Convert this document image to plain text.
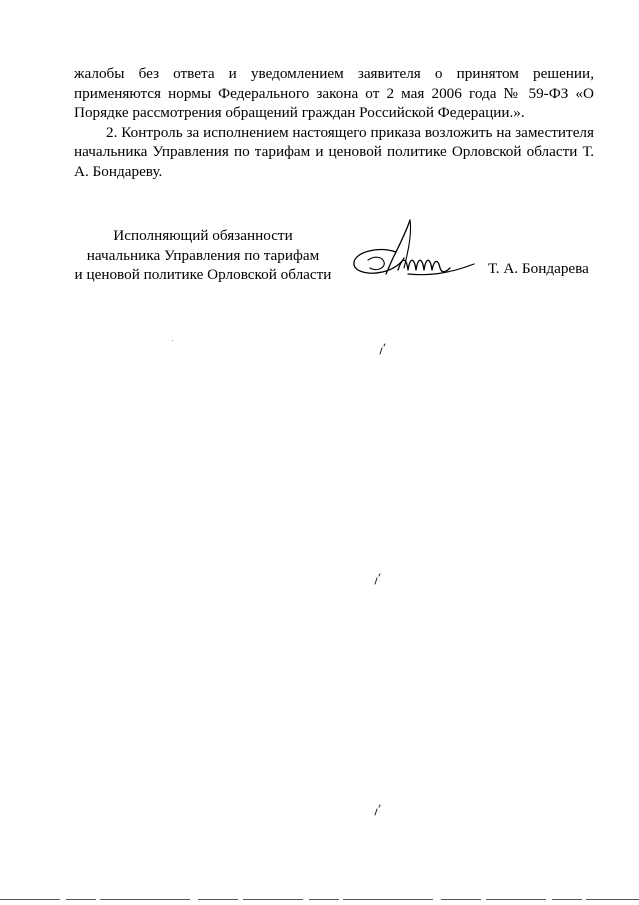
жалобы без ответа и уведомлением заявителя о принятом решении, применяются нормы Федерального закона от 2 мая 2006 года № 59-ФЗ «О Порядке рассмотрения обращений граждан Российской Федерации.».

2. Контроль за исполнением настоящего приказа возложить на заместителя начальника Управления по тарифам и ценовой политике Орловской области Т. А. Бондареву.

Исполняющий обязанности
начальника Управления по тарифам
и ценовой политике Орловской области	Т. А. Бондарева
